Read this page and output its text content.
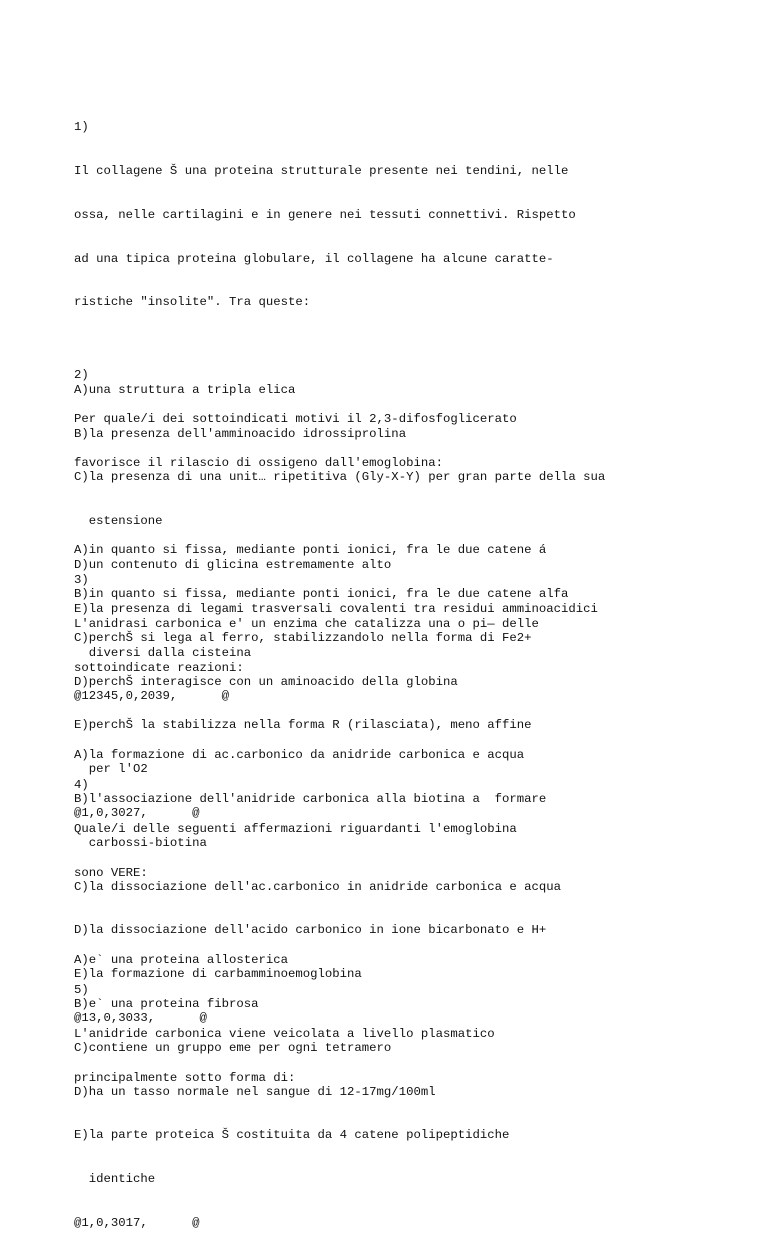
1)

Il collagene Š una proteina strutturale presente nei tendini, nelle

ossa, nelle cartilagini e in genere nei tessuti connettivi. Rispetto

ad una tipica proteina globulare, il collagene ha alcune caratte-

ristiche "insolite". Tra queste:

A)una struttura a tripla elica

B)la presenza dell'amminoacido idrossiprolina

C)la presenza di una unit… ripetitiva (Gly-X-Y) per gran parte della sua

estensione

D)un contenuto di glicina estremamente alto

E)la presenza di legami trasversali covalenti tra residui amminoacidici

diversi dalla cisteina

@12345,0,2039,      @

2)

Per quale/i dei sottoindicati motivi il 2,3-difosfoglicerato

favorisce il rilascio di ossigeno dall'emoglobina:

A)in quanto si fissa, mediante ponti ionici, fra le due catene á

B)in quanto si fissa, mediante ponti ionici, fra le due catene alfa

C)perchŠ si lega al ferro, stabilizzandolo nella forma di Fe2+

D)perchŠ interagisce con un aminoacido della globina

E)perchŠ la stabilizza nella forma R (rilasciata), meno affine

per l'O2

@1,0,3027,      @

3)

L'anidrasi carbonica e' un enzima che catalizza una o pi— delle

sottoindicate reazioni:

A)la formazione di ac.carbonico da anidride carbonica e acqua

B)l'associazione dell'anidride carbonica alla biotina a  formare

carbossi-biotina

C)la dissociazione dell'ac.carbonico in anidride carbonica e acqua

D)la dissociazione dell'acido carbonico in ione bicarbonato e H+

E)la formazione di carbamminoemoglobina

@13,0,3033,      @

4)

Quale/i delle seguenti affermazioni riguardanti l'emoglobina

sono VERE:

A)e` una proteina allosterica

B)e` una proteina fibrosa

C)contiene un gruppo eme per ogni tetramero

D)ha un tasso normale nel sangue di 12-17mg/100ml

E)la parte proteica Š costituita da 4 catene polipeptidiche

identiche

@1,0,3017,      @

5)

L'anidride carbonica viene veicolata a livello plasmatico

principalmente sotto forma di:
